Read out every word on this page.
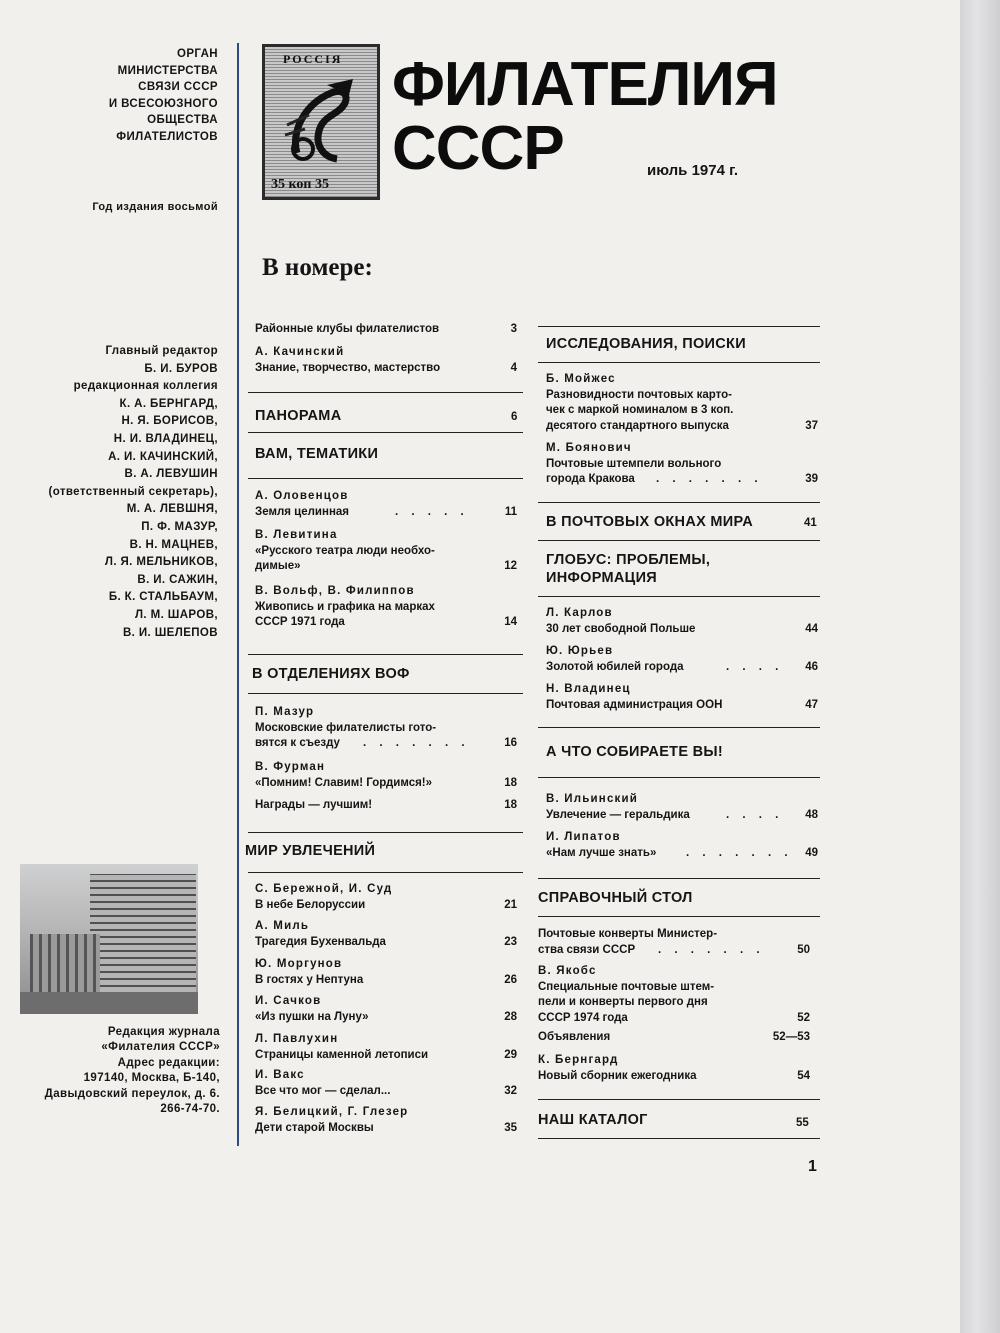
ОРГАН
МИНИСТЕРСТВА
СВЯЗИ СССР
И ВСЕСОЮЗНОГО
ОБЩЕСТВА
ФИЛАТЕЛИСТОВ
Год издания восьмой
Главный редактор
Б. И. БУРОВ
редакционная коллегия
К. А. БЕРНГАРД,
Н. Я. БОРИСОВ,
Н. И. ВЛАДИНЕЦ,
А. И. КАЧИНСКИЙ,
В. А. ЛЕВУШИН
(ответственный секретарь),
М. А. ЛЕВШНЯ,
П. Ф. МАЗУР,
В. Н. МАЦНЕВ,
Л. Я. МЕЛЬНИКОВ,
В. И. САЖИН,
Б. К. СТАЛЬБАУМ,
Л. М. ШАРОВ,
В. И. ШЕЛЕПОВ
Редакция журнала
«Филателия СССР»
Адрес редакции:
197140, Москва, Б-140,
Давыдовский переулок, д. 6.
266-74-70.
РОССIЯ
35 коп 35
ФИЛАТЕЛИЯ
СССР	июль 1974 г.
В номере:
Районные клубы филателистов	3
А. Качинский
Знание, творчество, мастерство	4
ПАНОРАМА	6
ВАМ, ТЕМАТИКИ
А. Оловенцов
Земля целинная	. . . . .	11
В. Левитина
«Русского театра люди необхо-
димые»	12
В. Вольф, В. Филиппов
Живопись и графика на марках
СССР 1971 года	14
В ОТДЕЛЕНИЯХ ВОФ
П. Мазур
Московские филателисты гото-
вятся к съезду . . . . . . .	16
В. Фурман
«Помним! Славим! Гордимся!»	18
Награды — лучшим!	18
МИР УВЛЕЧЕНИЙ
С. Бережной, И. Суд
В небе Белоруссии	21
А. Миль
Трагедия Бухенвальда	23
Ю. Моргунов
В гостях у Нептуна	26
И. Сачков
«Из пушки на Луну»	28
Л. Павлухин
Страницы каменной летописи	29
И. Вакс
Все что мог — сделал...	32
Я. Белицкий, Г. Глезер
Дети старой Москвы	35
ИССЛЕДОВАНИЯ, ПОИСКИ
Б. Мойжес
Разновидности почтовых карто-
чек с маркой номиналом в 3 коп.
десятого стандартного выпуска	37
М. Боянович
Почтовые штемпели вольного
города Кракова . . . . . . .	39
В ПОЧТОВЫХ ОКНАХ МИРА	41
ГЛОБУС: ПРОБЛЕМЫ,
ИНФОРМАЦИЯ
Л. Карлов
30 лет свободной Польше	44
Ю. Юрьев
Золотой юбилей города	. . . . 46
Н. Владинец
Почтовая администрация ООН	47
А ЧТО СОБИРАЕТЕ ВЫ!
В. Ильинский
Увлечение — геральдика	. . . . 48
И. Липатов
«Нам лучше знать»	. . . . . . . 49
СПРАВОЧНЫЙ СТОЛ
Почтовые конверты Министер-
ства связи СССР . . . . . . .	50
В. Якобс
Специальные почтовые штем-
пели и конверты первого дня
СССР 1974 года	52
Объявления	52—53
К. Бернгард
Новый сборник ежегодника	54
НАШ КАТАЛОГ	55
1
